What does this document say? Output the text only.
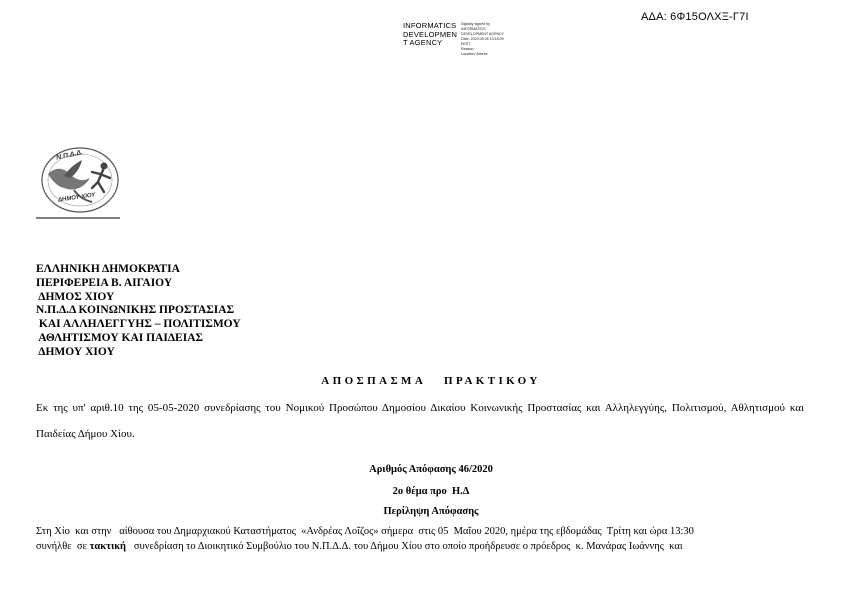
ΑΔΑ: 6Φ15ΟΛΧΞ-Γ7Ι
INFORMATICS
DEVELOPMEN
T AGENCY
Digitally signed by
INFORMATICS
DEVELOPMENT AGENCY
Date: 2020.05.26 13:16:09
EEST
Reason:
Location: Athens
Ν.Π.Δ.Δ.
ΔΗΜΟΥ ΧΙΟΥ
ΕΛΛΗΝΙΚΗ ΔΗΜΟΚΡΑΤΙΑ
ΠΕΡΙΦΕΡΕΙΑ Β. ΑΙΓΑΙΟΥ
ΔΗΜΟΣ ΧΙΟΥ
Ν.Π.Δ.Δ ΚΟΙΝΩΝΙΚΗΣ ΠΡΟΣΤΑΣΙΑΣ
ΚΑΙ ΑΛΛΗΛΕΓΓΥΗΣ – ΠΟΛΙΤΙΣΜΟΥ
ΑΘΛΗΤΙΣΜΟΥ ΚΑΙ ΠΑΙΔΕΙΑΣ
ΔΗΜΟΥ ΧΙΟΥ
ΑΠΟΣΠΑΣΜΑ   ΠΡΑΚΤΙΚΟΥ

Εκ της υπ' αριθ.10 της 05-05-2020 συνεδρίασης του Νομικού Προσώπου Δημοσίου Δικαίου Κοινωνικής Προστασίας και Αλληλεγγύης, Πολιτισμού, Αθλητισμού και Παιδείας Δήμου Χίου.

Αριθμός Απόφασης 46/2020
2ο θέμα προ  Η.Δ
Περίληψη Απόφασης
Στη Χίο  και στην   αίθουσα του Δημαρχιακού Καταστήματος  «Ανδρέας Λοΐζος» σήμερα  στις 05  Μαΐου 2020, ημέρα της εβδομάδας  Τρίτη και ώρα 13:30
συνήλθε  σε τακτική   συνεδρίαση το Διοικητικό Συμβούλιο του Ν.Π.Δ.Δ. του Δήμου Χίου στο οποίο προήδρευσε ο πρόεδρος  κ. Μανάρας Ιωάννης  και
